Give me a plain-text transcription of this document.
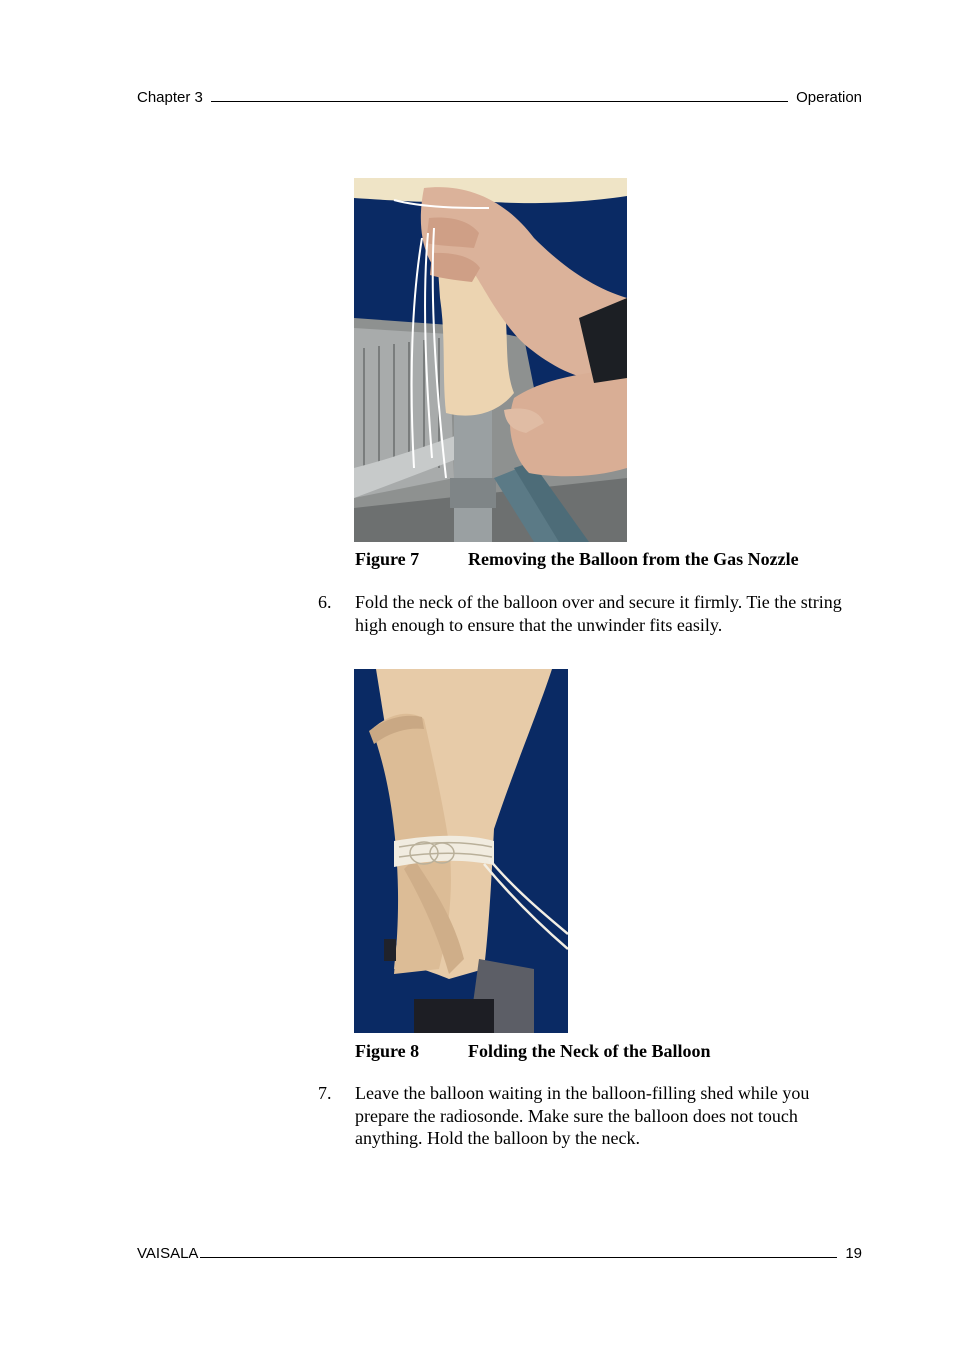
Chapter 3	Operation
Figure 7	Removing the Balloon from the Gas Nozzle
6.	Fold the neck of the balloon over and secure it firmly. Tie the string high enough to ensure that the unwinder fits easily.
Figure 8	Folding the Neck of the Balloon
7.	Leave the balloon waiting in the balloon-filling shed while you prepare the radiosonde. Make sure the balloon does not touch anything. Hold the balloon by the neck.
VAISALA	19
